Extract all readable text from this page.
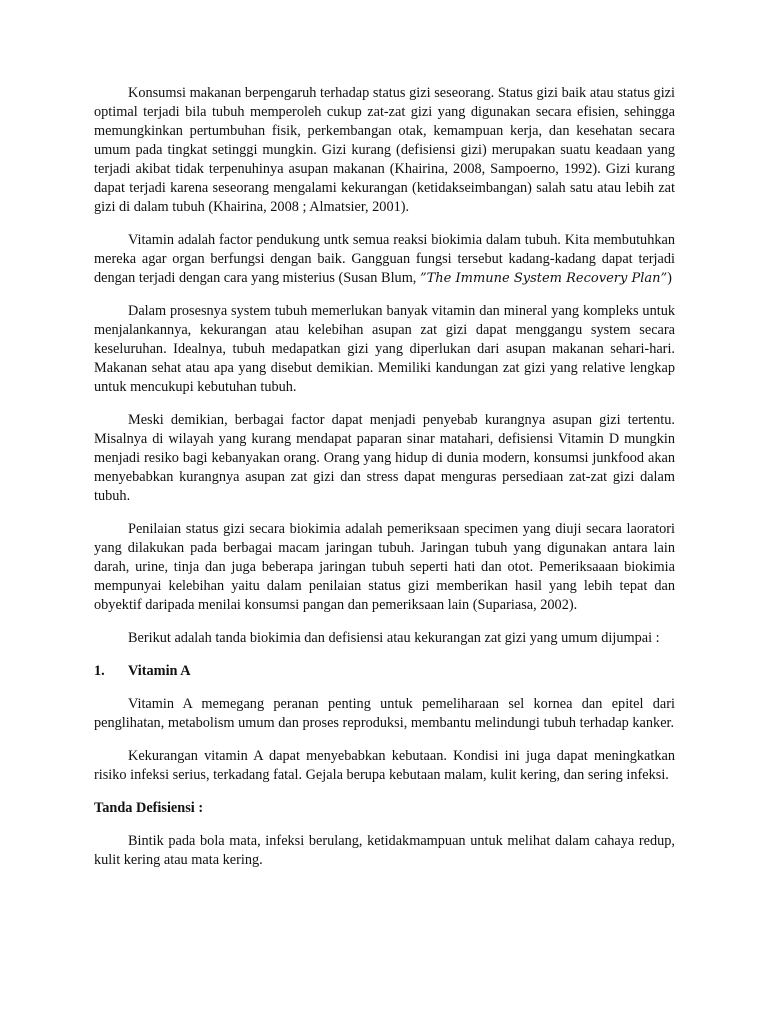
Konsumsi makanan berpengaruh terhadap status gizi seseorang. Status gizi baik atau status gizi optimal terjadi bila tubuh memperoleh cukup zat-zat gizi yang digunakan secara efisien, sehingga memungkinkan pertumbuhan fisik, perkembangan otak, kemampuan kerja, dan kesehatan secara umum pada tingkat setinggi mungkin. Gizi kurang (defisiensi gizi) merupakan suatu keadaan yang terjadi akibat tidak terpenuhinya asupan makanan (Khairina, 2008, Sampoerno, 1992). Gizi kurang dapat terjadi karena seseorang mengalami kekurangan (ketidakseimbangan) salah satu atau lebih zat gizi di dalam tubuh (Khairina, 2008 ; Almatsier, 2001).

Vitamin adalah factor pendukung untk semua reaksi biokimia dalam tubuh. Kita membutuhkan mereka agar organ berfungsi dengan baik. Gangguan fungsi tersebut kadang-kadang dapat terjadi dengan terjadi dengan cara yang misterius (Susan Blum, ”The Immune System Recovery Plan”)

Dalam prosesnya system tubuh memerlukan banyak vitamin dan mineral yang kompleks untuk menjalankannya, kekurangan atau kelebihan asupan zat gizi dapat menggangu system secara keseluruhan. Idealnya, tubuh medapatkan gizi yang diperlukan dari asupan makanan sehari-hari. Makanan sehat atau apa yang disebut demikian. Memiliki kandungan zat gizi yang relative lengkap untuk mencukupi kebutuhan tubuh.

Meski demikian, berbagai factor dapat menjadi penyebab kurangnya asupan gizi tertentu. Misalnya di wilayah yang kurang mendapat paparan sinar matahari, defisiensi Vitamin D mungkin menjadi resiko bagi kebanyakan orang. Orang yang hidup di dunia modern, konsumsi junkfood akan menyebabkan kurangnya asupan zat gizi dan stress dapat menguras persediaan zat-zat gizi dalam tubuh.

Penilaian status gizi secara biokimia adalah pemeriksaan specimen yang diuji secara laoratori yang dilakukan pada berbagai macam jaringan tubuh. Jaringan tubuh yang digunakan antara lain darah, urine, tinja dan juga beberapa jaringan tubuh seperti hati dan otot. Pemeriksaaan biokimia mempunyai kelebihan yaitu dalam penilaian status gizi memberikan hasil yang lebih tepat dan obyektif daripada menilai konsumsi pangan dan pemeriksaan lain (Supariasa, 2002).

Berikut adalah tanda biokimia dan defisiensi atau kekurangan zat gizi yang umum dijumpai :

1.	Vitamin A

Vitamin A memegang peranan penting untuk pemeliharaan sel kornea dan epitel dari penglihatan, metabolism umum dan proses reproduksi, membantu melindungi tubuh terhadap kanker.

Kekurangan vitamin A dapat menyebabkan kebutaan. Kondisi ini juga dapat meningkatkan risiko infeksi serius, terkadang fatal. Gejala berupa kebutaan malam, kulit kering, dan sering infeksi.

Tanda Defisiensi :

Bintik pada bola mata, infeksi berulang, ketidakmampuan untuk melihat dalam cahaya redup, kulit kering atau mata kering.
